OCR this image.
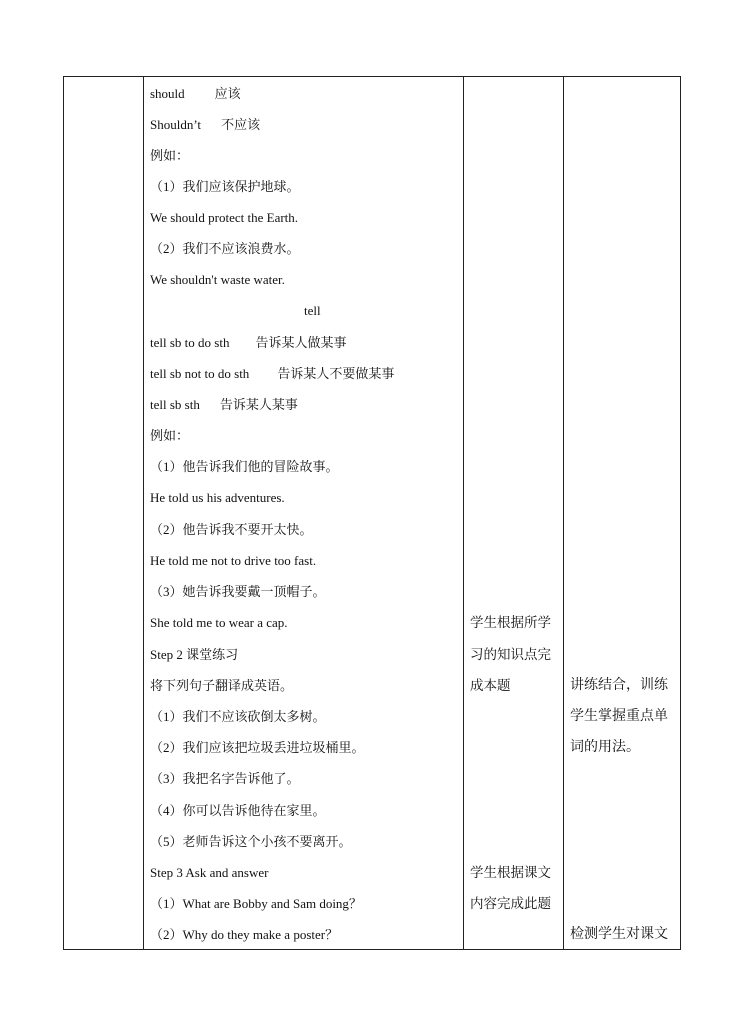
should 应该
Shouldn’t 不应该
例如：
（1）我们应该保护地球。
We should protect the Earth.
（2）我们不应该浪费水。
We shouldn't waste water.
tell
tell sb to do sth 告诉某人做某事
tell sb not to do sth 告诉某人不要做某事
tell sb sth 告诉某人某事
例如：
（1）他告诉我们他的冒险故事。
He told us his adventures.
（2）他告诉我不要开太快。
He told me not to drive too fast.
（3）她告诉我要戴一顶帽子。
She told me to wear a cap.
Step 2 课堂练习
将下列句子翻译成英语。
（1）我们不应该砍倒太多树。
（2）我们应该把垃圾丢进垃圾桶里。
（3）我把名字告诉他了。
（4）你可以告诉他待在家里。
（5）老师告诉这个小孩不要离开。
Step 3 Ask and answer
（1）What are Bobby and Sam doing？
（2）Why do they make a poster？
学生根据所学
习的知识点完
成本题
学生根据课文
内容完成此题
讲练结合，训练
学生掌握重点单
词的用法。
检测学生对课文
